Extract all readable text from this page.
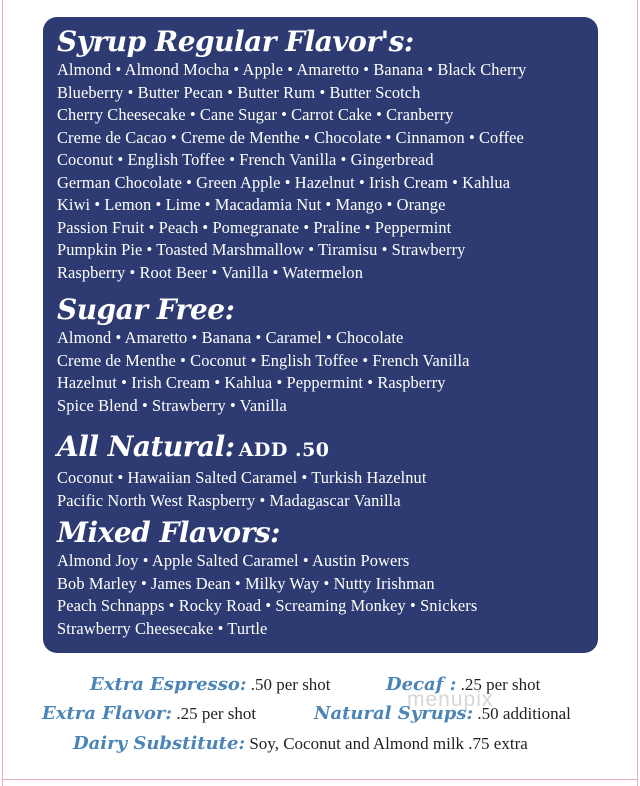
Syrup Regular Flavor's:
Almond • Almond Mocha • Apple • Amaretto • Banana • Black Cherry
Blueberry • Butter Pecan • Butter Rum • Butter Scotch
Cherry Cheesecake • Cane Sugar • Carrot Cake • Cranberry
Creme de Cacao • Creme de Menthe • Chocolate • Cinnamon • Coffee
Coconut • English Toffee • French Vanilla • Gingerbread
German Chocolate • Green Apple • Hazelnut • Irish Cream • Kahlua
Kiwi • Lemon • Lime • Macadamia Nut • Mango • Orange
Passion Fruit • Peach • Pomegranate • Praline • Peppermint
Pumpkin Pie • Toasted Marshmallow • Tiramisu • Strawberry
Raspberry • Root Beer • Vanilla • Watermelon
Sugar Free:
Almond • Amaretto • Banana • Caramel • Chocolate
Creme de Menthe • Coconut • English Toffee • French Vanilla
Hazelnut • Irish Cream • Kahlua • Peppermint • Raspberry
Spice Blend • Strawberry • Vanilla
All Natural: ADD .50
Coconut • Hawaiian Salted Caramel • Turkish Hazelnut
Pacific North West Raspberry • Madagascar Vanilla
Mixed Flavors:
Almond Joy • Apple Salted Caramel • Austin Powers
Bob Marley • James Dean • Milky Way • Nutty Irishman
Peach Schnapps • Rocky Road • Screaming Monkey • Snickers
Strawberry Cheesecake • Turtle
Extra Espresso: .50 per shot	Decaf : .25 per shot
Extra Flavor: .25 per shot	Natural Syrups: .50 additional
Dairy Substitute: Soy, Coconut and Almond milk .75 extra
menupix
